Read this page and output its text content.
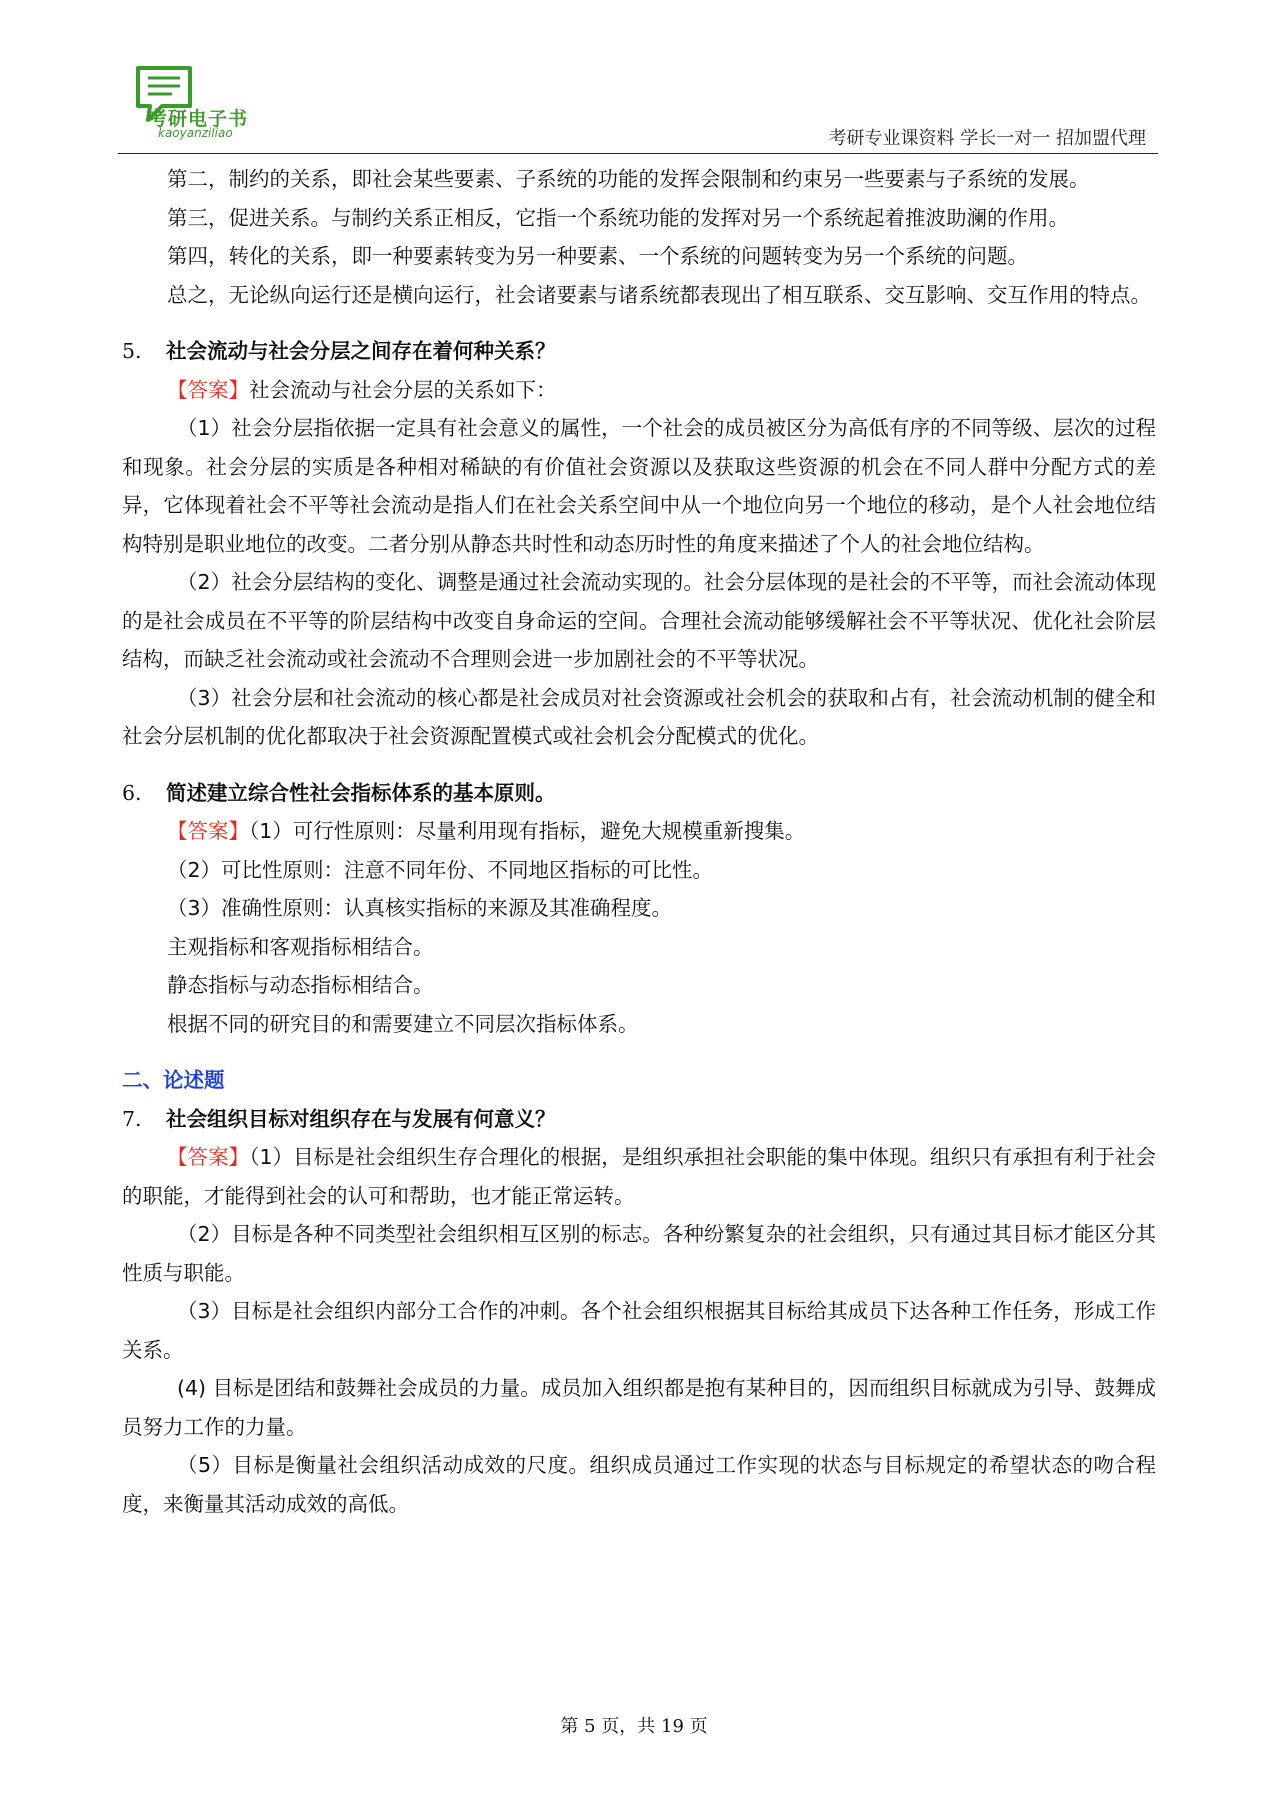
考研电子书
kaoyanziliao	考研专业课资料 学长一对一 招加盟代理

第二，制约的关系，即社会某些要素、子系统的功能的发挥会限制和约束另一些要素与子系统的发展。

第三，促进关系。与制约关系正相反，它指一个系统功能的发挥对另一个系统起着推波助澜的作用。

第四，转化的关系，即一种要素转变为另一种要素、一个系统的问题转变为另一个系统的问题。

总之，无论纵向运行还是横向运行，社会诸要素与诸系统都表现出了相互联系、交互影响、交互作用的特点。

5. 社会流动与社会分层之间存在着何种关系？

【答案】社会流动与社会分层的关系如下：

（1）社会分层指依据一定具有社会意义的属性，一个社会的成员被区分为高低有序的不同等级、层次的过程和现象。社会分层的实质是各种相对稀缺的有价值社会资源以及获取这些资源的机会在不同人群中分配方式的差异，它体现着社会不平等社会流动是指人们在社会关系空间中从一个地位向另一个地位的移动，是个人社会地位结构特别是职业地位的改变。二者分别从静态共时性和动态历时性的角度来描述了个人的社会地位结构。

（2）社会分层结构的变化、调整是通过社会流动实现的。社会分层体现的是社会的不平等，而社会流动体现的是社会成员在不平等的阶层结构中改变自身命运的空间。合理社会流动能够缓解社会不平等状况、优化社会阶层结构，而缺乏社会流动或社会流动不合理则会进一步加剧社会的不平等状况。

（3）社会分层和社会流动的核心都是社会成员对社会资源或社会机会的获取和占有，社会流动机制的健全和社会分层机制的优化都取决于社会资源配置模式或社会机会分配模式的优化。

6. 简述建立综合性社会指标体系的基本原则。

【答案】（1）可行性原则：尽量利用现有指标，避免大规模重新搜集。

（2）可比性原则：注意不同年份、不同地区指标的可比性。

（3）准确性原则：认真核实指标的来源及其准确程度。

主观指标和客观指标相结合。

静态指标与动态指标相结合。

根据不同的研究目的和需要建立不同层次指标体系。

二、论述题

7. 社会组织目标对组织存在与发展有何意义？

【答案】（1）目标是社会组织生存合理化的根据，是组织承担社会职能的集中体现。组织只有承担有利于社会的职能，才能得到社会的认可和帮助，也才能正常运转。

（2）目标是各种不同类型社会组织相互区别的标志。各种纷繁复杂的社会组织，只有通过其目标才能区分其性质与职能。

（3）目标是社会组织内部分工合作的冲刺。各个社会组织根据其目标给其成员下达各种工作任务，形成工作关系。

(4) 目标是团结和鼓舞社会成员的力量。成员加入组织都是抱有某种目的，因而组织目标就成为引导、鼓舞成员努力工作的力量。

（5）目标是衡量社会组织活动成效的尺度。组织成员通过工作实现的状态与目标规定的希望状态的吻合程度，来衡量其活动成效的高低。

第 5 页，共 19 页
